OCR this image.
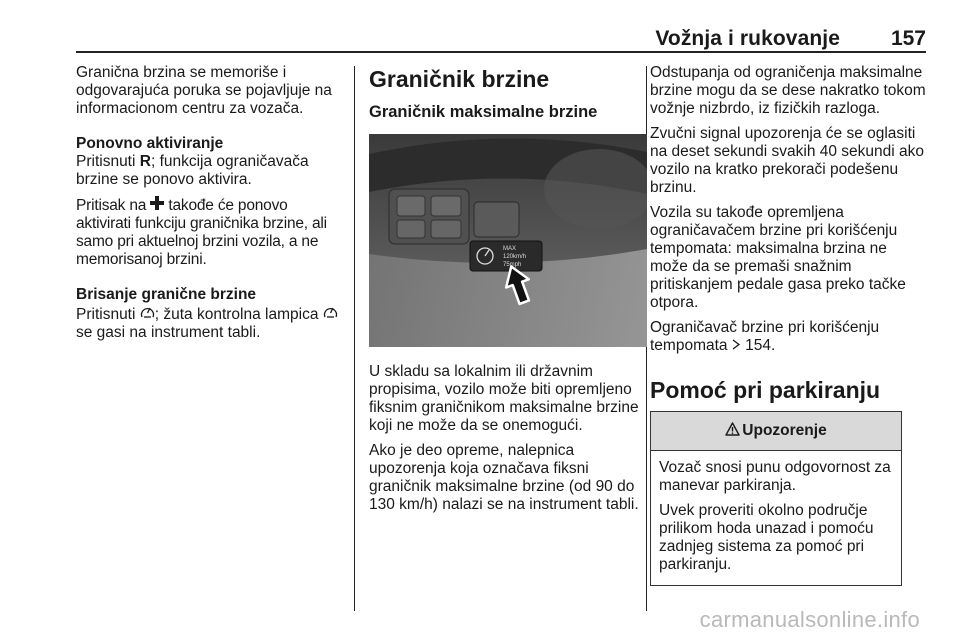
Vožnja i rukovanje 157

Granična brzina se memoriše i odgovarajuća poruka se pojavljuje na informacionom centru za vozača.

Ponovno aktiviranje

Pritisnuti R; funkcija ograničavača brzine se ponovo aktivira.

Pritisak na  takođe će ponovo aktivirati funkciju graničnika brzine, ali samo pri aktuelnoj brzini vozila, a ne memorisanoj brzini.

Brisanje granične brzine

Pritisnuti ; žuta kontrolna lampica  se gasi na instrument tabli.

Graničnik brzine
Graničnik maksimalne brzine
MAX
120km/h
75mph

U skladu sa lokalnim ili državnim propisima, vozilo može biti opremljeno fiksnim graničnikom maksimalne brzine koji ne može da se onemogući.

Ako je deo opreme, nalepnica upozorenja koja označava fiksni graničnik maksimalne brzine (od 90 do 130 km/h) nalazi se na instrument tabli.

Odstupanja od ograničenja maksimalne brzine mogu da se dese nakratko tokom vožnje nizbrdo, iz fizičkih razloga.

Zvučni signal upozorenja će se oglasiti na deset sekundi svakih 40 sekundi ako vozilo na kratko prekorači podešenu brzinu.

Vozila su takođe opremljena ograničavačem brzine pri korišćenju tempomata: maksimalna brzina ne može da se premaši snažnim pritiskanjem pedale gasa preko tačke otpora.

Ograničavač brzine pri korišćenju tempomata  154.

Pomoć pri parkiranju
Upozorenje

Vozač snosi punu odgovornost za manevar parkiranja.

Uvek proveriti okolno područje prilikom hoda unazad i pomoću zadnjeg sistema za pomoć pri parkiranju.

carmanualsonline.info
